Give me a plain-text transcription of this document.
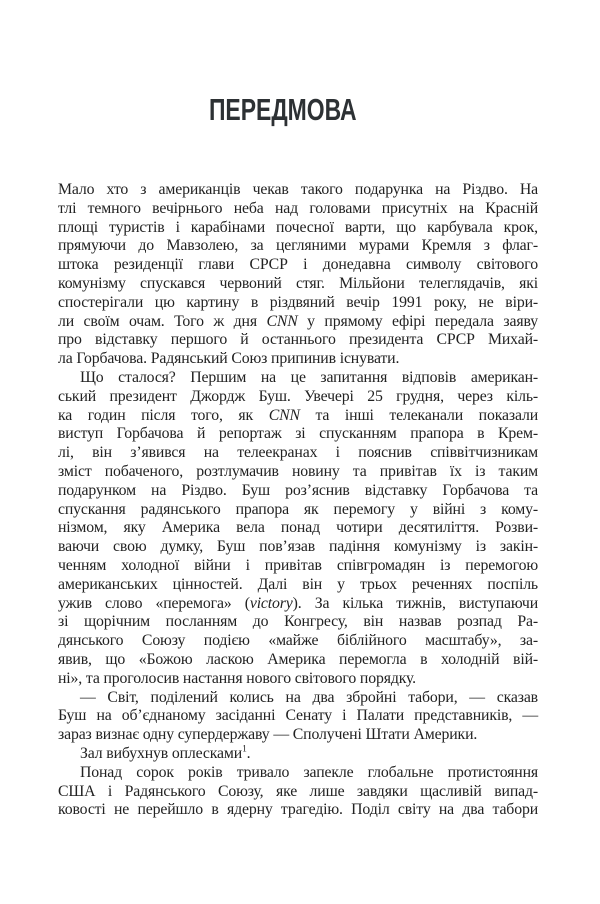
ПЕРЕДМОВА
Мало хто з американців чекав такого подарунка на Різдво. На
тлі темного вечірнього неба над головами присутніх на Красній
площі туристів і карабінами почесної варти, що карбувала крок,
прямуючи до Мавзолею, за цегляними мурами Кремля з флаг-
штока резиденції глави СРСР і донедавна символу світового
комунізму спускався червоний стяг. Мільйони телеглядачів, які
спостерігали цю картину в різдвяний вечір 1991 року, не віри-
ли своїм очам. Того ж дня CNN у прямому ефірі передала заяву
про відставку першого й останнього президента СРСР Михай-
ла Горбачова. Радянський Союз припинив існувати.
Що сталося? Першим на це запитання відповів американ-
ський президент Джордж Буш. Увечері 25 грудня, через кіль-
ка годин після того, як CNN та інші телеканали показали
виступ Горбачова й репортаж зі спусканням прапора в Крем-
лі, він з’явився на телеекранах і пояснив співвітчизникам
зміст побаченого, розтлумачив новину та привітав їх із таким
подарунком на Різдво. Буш роз’яснив відставку Горбачова та
спускання радянського прапора як перемогу у війні з кому-
нізмом, яку Америка вела понад чотири десятиліття. Розви-
ваючи свою думку, Буш пов’язав падіння комунізму із закін-
ченням холодної війни і привітав співгромадян із перемогою
американських цінностей. Далі він у трьох реченнях поспіль
ужив слово «перемога» (victory). За кілька тижнів, виступаючи
зі щорічним посланням до Конгресу, він назвав розпад Ра-
дянського Союзу подією «майже біблійного масштабу», за-
явив, що «Божою ласкою Америка перемогла в холодній вій-
ні», та проголосив настання нового світового порядку.
— Світ, поділений колись на два збройні табори, — сказав
Буш на об’єднаному засіданні Сенату і Палати представників, —
зараз визнає одну супердержаву — Сполучені Штати Америки.
Зал вибухнув оплесками$^1$.
Понад сорок років тривало запекле глобальне протистояння
США і Радянського Союзу, яке лише завдяки щасливій випад-
ковості не перейшло в ядерну трагедію. Поділ світу на два табори
